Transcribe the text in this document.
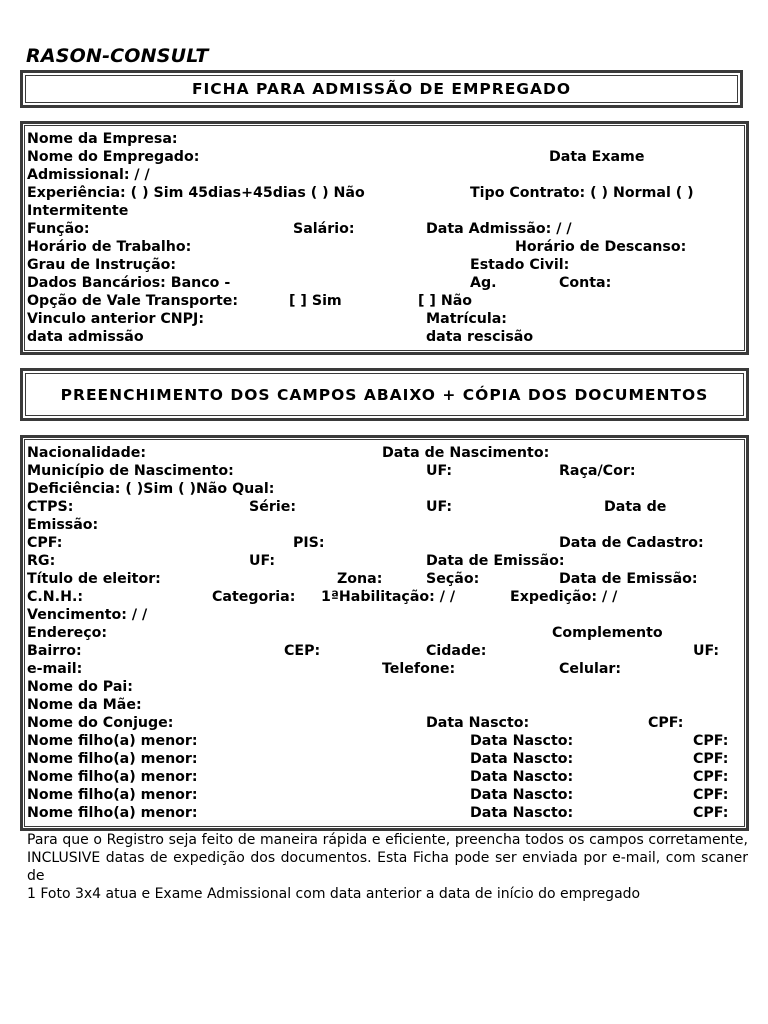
RASON-CONSULT
FICHA PARA ADMISSÃO DE EMPREGADO
Nome da Empresa:
Nome do Empregado:	Data Exame
Admissional: / /
Experiência: ( ) Sim 45dias+45dias ( ) Não	Tipo Contrato: ( ) Normal ( )
Intermitente
Função:	Salário:	Data Admissão: / /
Horário de Trabalho:	Horário de Descanso:
Grau de Instrução:	Estado Civil:
Dados Bancários: Banco -	Ag.	Conta:
Opção de Vale Transporte:	[ ] Sim	[ ] Não
Vinculo anterior CNPJ:	Matrícula:
data admissão	data rescisão
PREENCHIMENTO DOS CAMPOS ABAIXO + CÓPIA DOS DOCUMENTOS
Nacionalidade:	Data de Nascimento:
Município de Nascimento:	UF:	Raça/Cor:
Deficiência: ( )Sim ( )Não Qual:
CTPS:	Série:	UF:	Data de
Emissão:
CPF:	PIS:	Data de Cadastro:
RG:	UF:	Data de Emissão:
Título de eleitor:	Zona:	Seção:	Data de Emissão:
C.N.H.:	Categoria: 1ªHabilitação: / /	Expedição: / /
Vencimento: / /
Endereço:	Complemento
Bairro:	CEP:	Cidade:	UF:
e-mail:	Telefone:	Celular:
Nome do Pai:
Nome da Mãe:
Nome do Conjuge:	Data Nascto:	CPF:
Nome filho(a) menor:	Data Nascto:	CPF:
Nome filho(a) menor:	Data Nascto:	CPF:
Nome filho(a) menor:	Data Nascto:	CPF:
Nome filho(a) menor:	Data Nascto:	CPF:
Nome filho(a) menor:	Data Nascto:	CPF:

Para que o Registro seja feito de maneira rápida e eficiente, preencha todos os campos corretamente, INCLUSIVE datas de expedição dos documentos. Esta Ficha pode ser enviada por e-mail, com scaner de

1 Foto 3x4 atua e Exame Admissional com data anterior a data de início do empregado
